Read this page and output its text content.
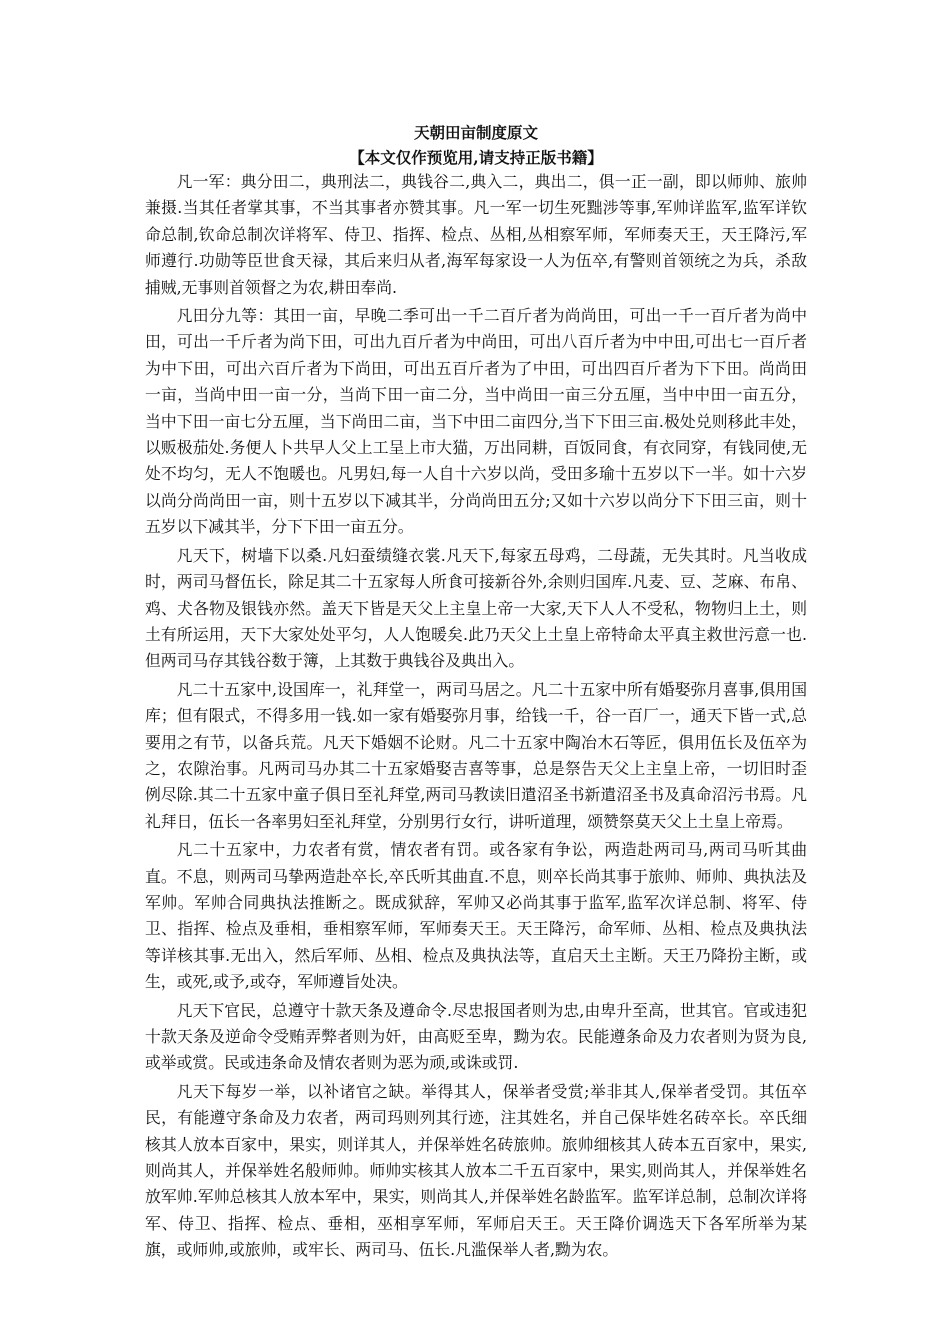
天朝田亩制度原文
【本文仅作预览用,请支持正版书籍】

凡一军：典分田二，典刑法二，典钱谷二,典入二，典出二，俱一正一副，即以师帅、旅帅兼摄.当其任者掌其事，不当其事者亦赞其事。凡一军一切生死黜涉等事,军帅详监军,监军详钦命总制,钦命总制次详将军、侍卫、指挥、检点、丛相,丛相察军师，军师奏天王，天王降污,军师遵行.功勋等臣世食天禄，其后来归从者,海军每家设一人为伍卒,有警则首领统之为兵，杀敌捕贼,无事则首领督之为农,耕田奉尚.

凡田分九等：其田一亩，早晚二季可出一千二百斤者为尚尚田，可出一千一百斤者为尚中田，可出一千斤者为尚下田，可出九百斤者为中尚田，可出八百斤者为中中田,可出七一百斤者为中下田，可出六百斤者为下尚田，可出五百斤者为了中田，可出四百斤者为下下田。尚尚田一亩，当尚中田一亩一分，当尚下田一亩二分，当中尚田一亩三分五厘，当中中田一亩五分，当中下田一亩七分五厘，当下尚田二亩，当下中田二亩四分,当下下田三亩.极处兑则移此丰处，以贩极茄处.务便人卜共早人父上工呈上市大猫，万出同耕，百饭同食，有衣同穿，有钱同使,无处不均匀，无人不饱暖也。凡男妇,每一人自十六岁以尚，受田多瑜十五岁以下一半。如十六岁以尚分尚尚田一亩，则十五岁以下减其半，分尚尚田五分;又如十六岁以尚分下下田三亩，则十五岁以下减其半，分下下田一亩五分。

凡天下，树墙下以桑.凡妇蚕绩缝衣裳.凡天下,每家五母鸡，二母蔬，无失其时。凡当收成时，两司马督伍长，除足其二十五家每人所食可接新谷外,余则归国库.凡麦、豆、芝麻、布帛、鸡、犬各物及银钱亦然。盖天下皆是天父上主皇上帝一大家,天下人人不受私，物物归上土，则土有所运用，天下大家处处平匀，人人饱暖矣.此乃天父上土皇上帝特命太平真主救世污意一也.但两司马存其钱谷数于簿，上其数于典钱谷及典出入。

凡二十五家中,设国库一，礼拜堂一，两司马居之。凡二十五家中所有婚娶弥月喜事,俱用国库；但有限式，不得多用一钱.如一家有婚娶弥月事，给钱一千，谷一百厂一，通天下皆一式,总要用之有节，以备兵荒。凡天下婚姻不论财。凡二十五家中陶冶木石等匠，俱用伍长及伍卒为之，农隙治事。凡两司马办其二十五家婚娶吉喜等事，总是祭告天父上主皇上帝，一切旧时歪例尽除.其二十五家中童子俱日至礼拜堂,两司马教读旧遣沼圣书新遣沼圣书及真命沼污书焉。凡礼拜日，伍长一各率男妇至礼拜堂，分别男行女行，讲听道理，颂赞祭莫天父上土皇上帝焉。

凡二十五家中，力农者有赏，情农者有罚。或各家有争讼，两造赴两司马,两司马听其曲直。不息，则两司马挚两造赴卒长,卒氏听其曲直.不息，则卒长尚其事于旅帅、师帅、典执法及军帅。军帅合同典执法推断之。既成狱辞，军帅又必尚其事于监军,监军次详总制、将军、侍卫、指挥、检点及垂相，垂相察军师，军师奏天王。天王降污，命军师、丛相、检点及典执法等详核其事.无出入，然后军师、丛相、检点及典执法等，直启天土主断。天王乃降扮主断，或生，或死,或予,或夺，军师遵旨处决。

凡天下官民，总遵守十款天条及遵命令.尽忠报国者则为忠,由卑升至高，世其官。官或违犯十款天条及逆命令受贿弄弊者则为奸，由高贬至卑，黝为农。民能遵条命及力农者则为贤为良,或举或赏。民或违条命及情农者则为恶为顽,或诛或罚.

凡天下每岁一举，以补诸官之缺。举得其人，保举者受赏;举非其人,保举者受罚。其伍卒民，有能遵守条命及力农者，两司玛则列其行迹，注其姓名，并自己保毕姓名砖卒长。卒氏细核其人放本百家中，果实，则详其人，并保举姓名砖旅帅。旅帅细核其人砖本五百家中，果实,则尚其人，并保举姓名般师帅。师帅实核其人放本二千五百家中，果实,则尚其人，并保举姓名放军帅.军帅总核其人放本军中，果实，则尚其人,并保举姓名龄监军。监军详总制，总制次详将军、侍卫、指挥、检点、垂相，巫相享军师，军师启天王。天王降价调选天下各军所举为某旗，或师帅,或旅帅，或牢长、两司马、伍长.凡滥保举人者,黝为农。
